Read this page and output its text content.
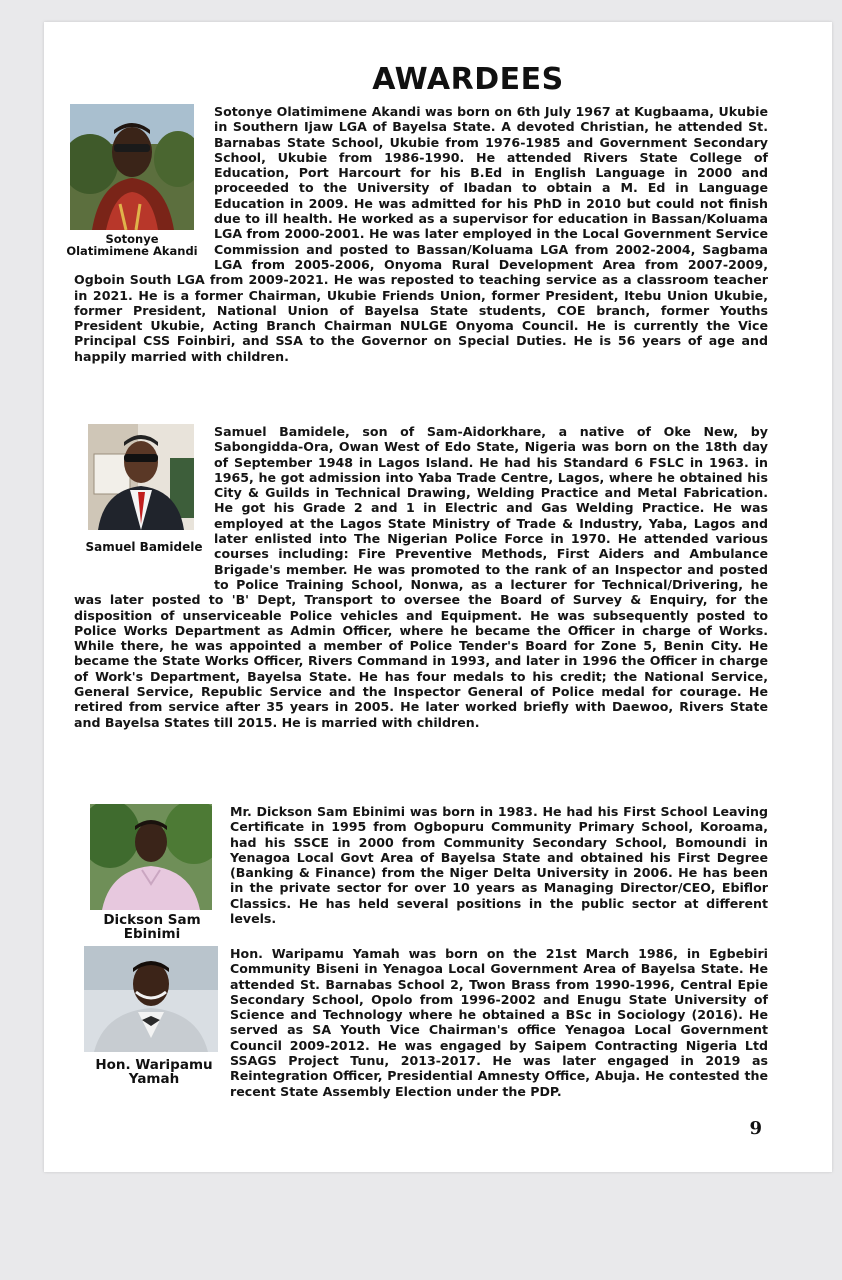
AWARDEES
Sotonye Olatimimene Akandi

Sotonye Olatimimene Akandi was born on 6th July 1967 at Kugbaama, Ukubie in Southern Ijaw LGA of Bayelsa State. A devoted Christian, he attended St. Barnabas State School, Ukubie from 1976-1985 and Government Secondary School, Ukubie from 1986-1990. He attended Rivers State College of Education, Port Harcourt for his B.Ed in English Language in 2000 and proceeded to the University of Ibadan to obtain a M. Ed in Language Education in 2009. He was admitted for his PhD in 2010 but could not finish due to ill health. He worked as a supervisor for education in Bassan/Koluama LGA from 2000-2001. He was later employed in the Local Government Service Commission and posted to Bassan/Koluama LGA from 2002-2004, Sagbama LGA from 2005-2006, Onyoma Rural Development Area from 2007-2009, Ogboin South LGA from 2009-2021. He was reposted to teaching service as a classroom teacher in 2021. He is a former Chairman, Ukubie Friends Union, former President, Itebu Union Ukubie, former President, National Union of Bayelsa State students, COE branch, former Youths President Ukubie, Acting Branch Chairman NULGE Onyoma Council. He is currently the Vice Principal CSS Foinbiri, and SSA to the Governor on Special Duties. He is 56 years of age and happily married with children.

Samuel Bamidele

Samuel Bamidele, son of Sam-Aidorkhare, a native of Oke New, by Sabongidda-Ora, Owan West of Edo State, Nigeria was born on the 18th day of September 1948 in Lagos Island. He had his Standard 6 FSLC in 1963. in 1965, he got admission into Yaba Trade Centre, Lagos, where he obtained his City & Guilds in Technical Drawing, Welding Practice and Metal Fabrication. He got his Grade 2 and 1 in Electric and Gas Welding Practice. He was employed at the Lagos State Ministry of Trade & Industry, Yaba, Lagos and later enlisted into The Nigerian Police Force in 1970. He attended various courses including: Fire Preventive Methods, First Aiders and Ambulance Brigade's member. He was promoted to the rank of an Inspector and posted to Police Training School, Nonwa, as a lecturer for Technical/Drivering, he was later posted to 'B' Dept, Transport to oversee the Board of Survey & Enquiry, for the disposition of unserviceable Police vehicles and Equipment. He was subsequently posted to Police Works Department as Admin Officer, where he became the Officer in charge of Works. While there, he was appointed a member of Police Tender's Board for Zone 5, Benin City. He became the State Works Officer, Rivers Command in 1993, and later in 1996 the Officer in charge of Work's Department, Bayelsa State. He has four medals to his credit; the National Service, General Service, Republic Service and the Inspector General of Police medal for courage. He retired from service after 35 years in 2005. He later worked briefly with Daewoo, Rivers State and Bayelsa States till 2015. He is married with children.

Dickson Sam Ebinimi

Mr. Dickson Sam Ebinimi was born in 1983. He had his First School Leaving Certificate in 1995 from Ogbopuru Community Primary School, Koroama, had his SSCE in 2000 from Community Secondary School, Bomoundi in Yenagoa Local Govt Area of Bayelsa State and obtained his First Degree (Banking & Finance) from the Niger Delta University in 2006. He has been in the private sector for over 10 years as Managing Director/CEO, Ebiflor Classics. He has held several positions in the public sector at different levels.

Hon. Waripamu Yamah

Hon. Waripamu Yamah was born on the 21st March 1986, in Egbebiri Community Biseni in Yenagoa Local Government Area of Bayelsa State. He attended St. Barnabas School 2, Twon Brass from 1990-1996, Central Epie Secondary School, Opolo from 1996-2002 and Enugu State University of Science and Technology where he obtained a BSc in Sociology (2016). He served as SA Youth Vice Chairman's office Yenagoa Local Government Council 2009-2012. He was engaged by Saipem Contracting Nigeria Ltd SSAGS Project Tunu, 2013-2017. He was later engaged in 2019 as Reintegration Officer, Presidential Amnesty Office, Abuja. He contested the recent State Assembly Election under the PDP.

9
